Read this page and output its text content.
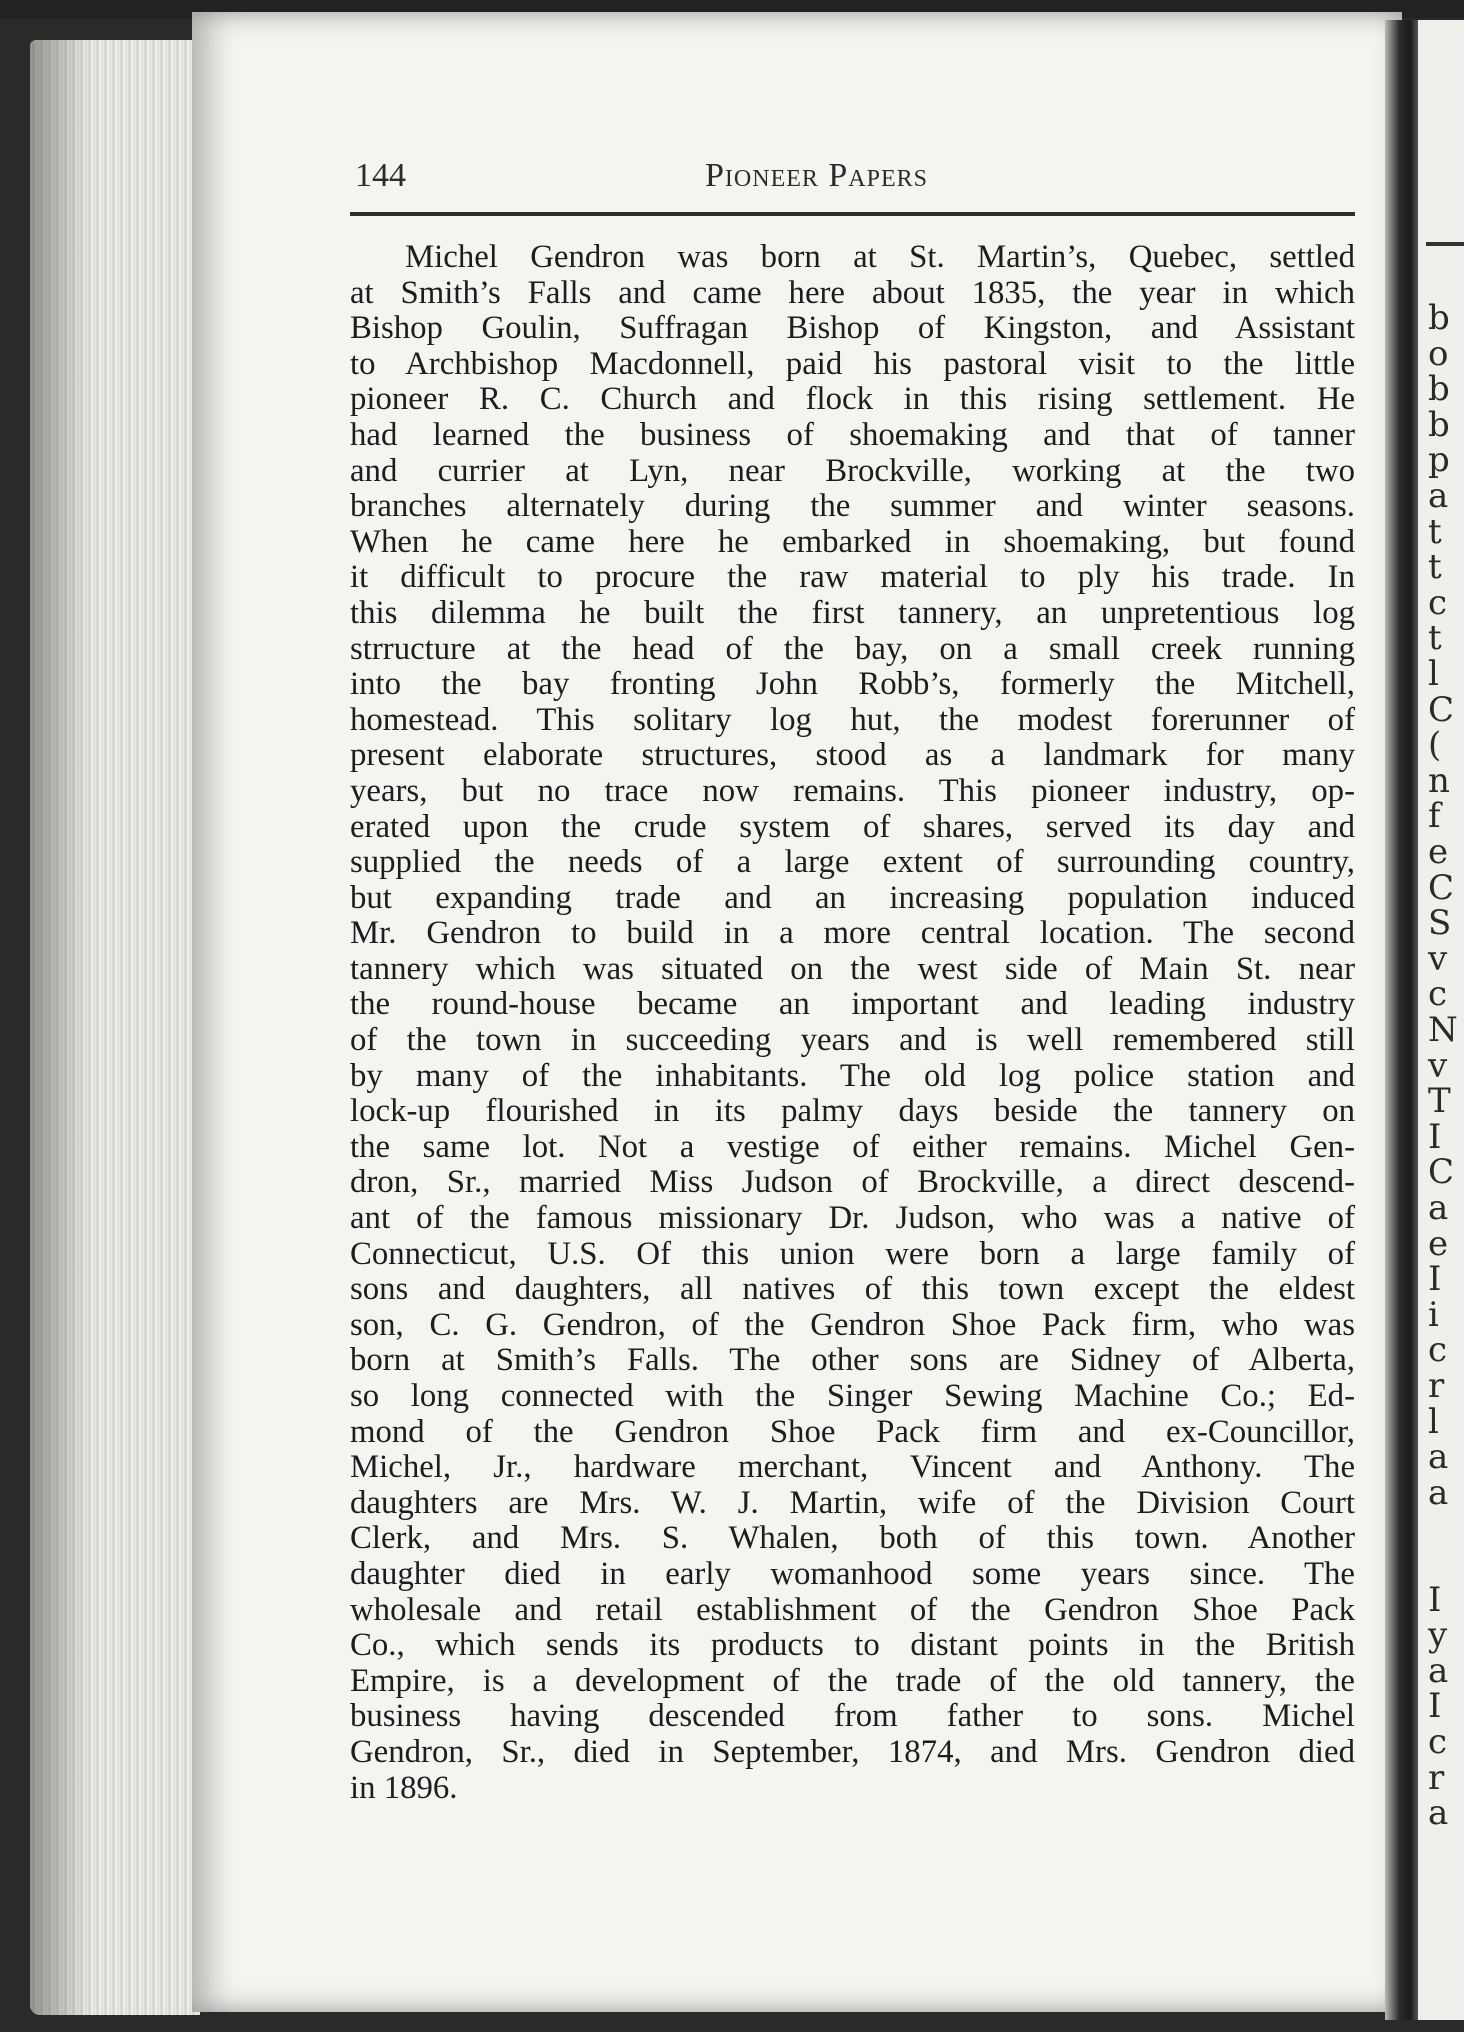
144	Pioneer Papers
Michel Gendron was born at St. Martin’s, Quebec, settled
at Smith’s Falls and came here about 1835, the year in which
Bishop Goulin, Suffragan Bishop of Kingston, and Assistant
to Archbishop Macdonnell, paid his pastoral visit to the little
pioneer R. C. Church and flock in this rising settlement. He
had learned the business of shoemaking and that of tanner
and currier at Lyn, near Brockville, working at the two
branches alternately during the summer and winter seasons.
When he came here he embarked in shoemaking, but found
it difficult to procure the raw material to ply his trade. In
this dilemma he built the first tannery, an unpretentious log
strructure at the head of the bay, on a small creek running
into the bay fronting John Robb’s, formerly the Mitchell,
homestead. This solitary log hut, the modest forerunner of
present elaborate structures, stood as a landmark for many
years, but no trace now remains. This pioneer industry, op-
erated upon the crude system of shares, served its day and
supplied the needs of a large extent of surrounding country,
but expanding trade and an increasing population induced
Mr. Gendron to build in a more central location. The second
tannery which was situated on the west side of Main St. near
the round-house became an important and leading industry
of the town in succeeding years and is well remembered still
by many of the inhabitants. The old log police station and
lock-up flourished in its palmy days beside the tannery on
the same lot. Not a vestige of either remains. Michel Gen-
dron, Sr., married Miss Judson of Brockville, a direct descend-
ant of the famous missionary Dr. Judson, who was a native of
Connecticut, U.S. Of this union were born a large family of
sons and daughters, all natives of this town except the eldest
son, C. G. Gendron, of the Gendron Shoe Pack firm, who was
born at Smith’s Falls. The other sons are Sidney of Alberta,
so long connected with the Singer Sewing Machine Co.; Ed-
mond of the Gendron Shoe Pack firm and ex-Councillor,
Michel, Jr., hardware merchant, Vincent and Anthony. The
daughters are Mrs. W. J. Martin, wife of the Division Court
Clerk, and Mrs. S. Whalen, both of this town. Another
daughter died in early womanhood some years since. The
wholesale and retail establishment of the Gendron Shoe Pack
Co., which sends its products to distant points in the British
Empire, is a development of the trade of the old tannery, the
business having descended from father to sons. Michel
Gendron, Sr., died in September, 1874, and Mrs. Gendron died
in 1896.
b
o
b
b
p
a
t
t
c
t
l
C
(
n
f
e
C
S
v
c
N
v
T
I
C
a
e
I
i
c
r
l
a
a
I
y
a
I
c
r
a
